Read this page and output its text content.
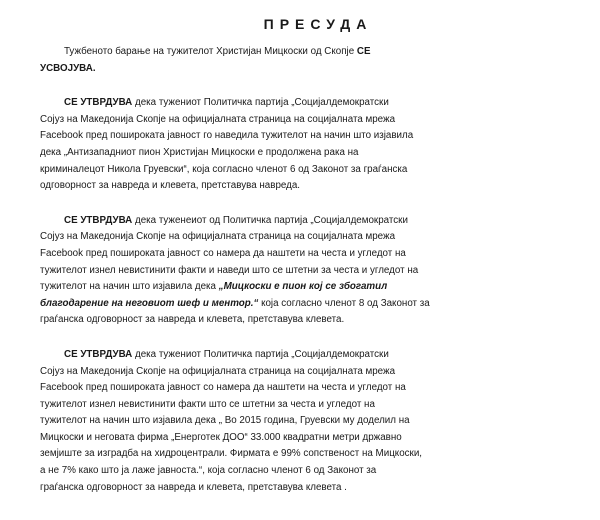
ПРЕСУДА
Тужбеното барање на тужителот Христијан Мицкоски од Скопје СЕ
УСВОЈУВА.
СЕ УТВРДУВА дека тужениот Политичка партија „Социјалдемократски
Сојуз на Македонија Скопје на официјалната страница на социјалната мрежа
Facebook пред пошироката јавност го наведила тужителот на начин што изјавила
дека „Антизападниот пион Христијан Мицкоски е продолжена рака на
криминалецот Никола Груевски“, која согласно членот 6 од Законот за граѓанска
одговорност за навреда и клевета, претставува навреда.
СЕ УТВРДУВА дека туженеиот од Политичка партија „Социјалдемократски
Сојуз на Македонија Скопје на официјалната страница на социјалната мрежа
Facebook пред пошироката јавност со намера да наштети на честа и угледот на
тужителот изнел невистинити факти и наведи што се штетни за честа и угледот на
тужителот на начин што изјавила дека „Мицкоски е пион кој се збогатил
благодарение на неговиот шеф и ментор.“ која согласно членот 8 од Законот за
граѓанска одговорност за навреда и клевета, претставува клевета.
СЕ УТВРДУВА дека тужениот Политичка партија „Социјалдемократски
Сојуз на Македонија Скопје на официјалната страница на социјалната мрежа
Facebook пред пошироката јавност со намера да наштети на честа и угледот на
тужителот изнел невистинити факти што се штетни за честа и угледот на
тужителот на начин што изјавила дека „ Во 2015 година, Груевски му доделил на
Мицкоски и неговата фирма „Енерготек ДОО“ 33.000 квадратни метри државно
земјиште за изградба на хидроцентрали. Фирмата е 99% сопственост на Мицкоски,
а не 7% како што ја лаже јавноста.“, која согласно членот 6 од Законот за
граѓанска одговорност за навреда и клевета, претставува клевета .
